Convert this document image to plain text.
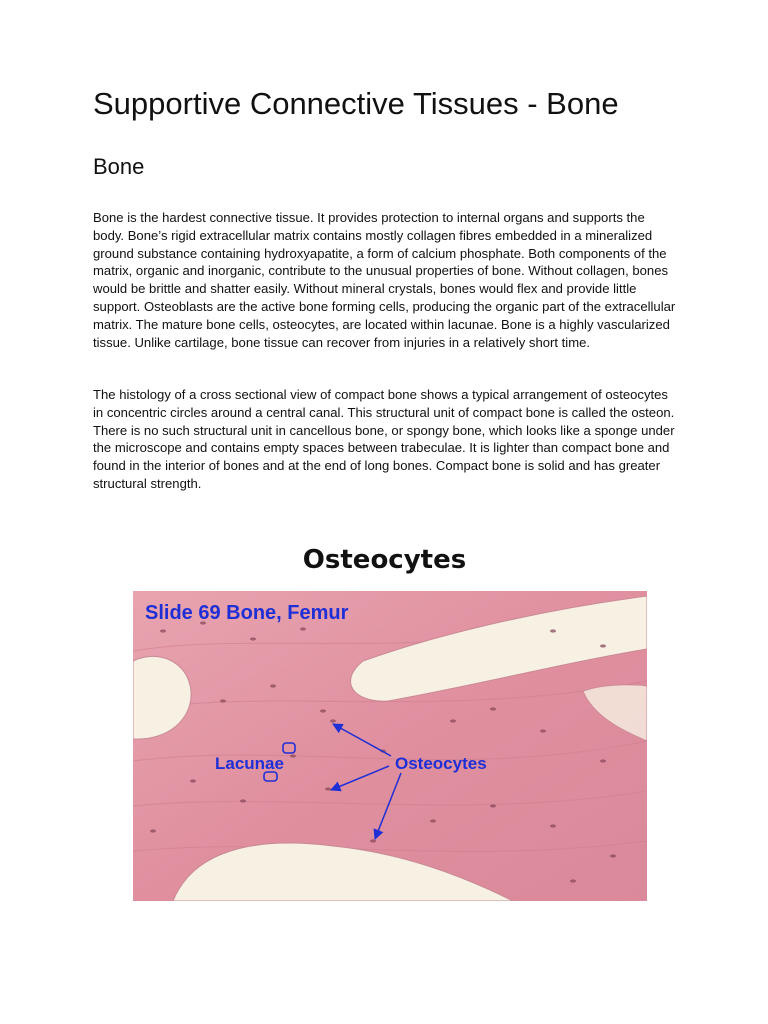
Supportive Connective Tissues - Bone
Bone

Bone is the hardest connective tissue. It provides protection to internal organs and supports the body. Bone’s rigid extracellular matrix contains mostly collagen fibres embedded in a mineralized ground substance containing hydroxyapatite, a form of calcium phosphate. Both components of the matrix, organic and inorganic, contribute to the unusual properties of bone. Without collagen, bones would be brittle and shatter easily. Without mineral crystals, bones would flex and provide little support. Osteoblasts are the active bone forming cells, producing the organic part of the extracellular matrix. The mature bone cells, osteocytes, are located within lacunae. Bone is a highly vascularized tissue. Unlike cartilage, bone tissue can recover from injuries in a relatively short time.

The histology of a cross sectional view of compact bone shows a typical arrangement of osteocytes in concentric circles around a central canal. This structural unit of compact bone is called the osteon. There is no such structural unit in cancellous bone, or spongy bone, which looks like a sponge under the microscope and contains empty spaces between trabeculae. It is lighter than compact bone and found in the interior of bones and at the end of long bones. Compact bone is solid and has greater structural strength.

Osteocytes
Slide 69 Bone, Femur
Lacunae	Osteocytes
